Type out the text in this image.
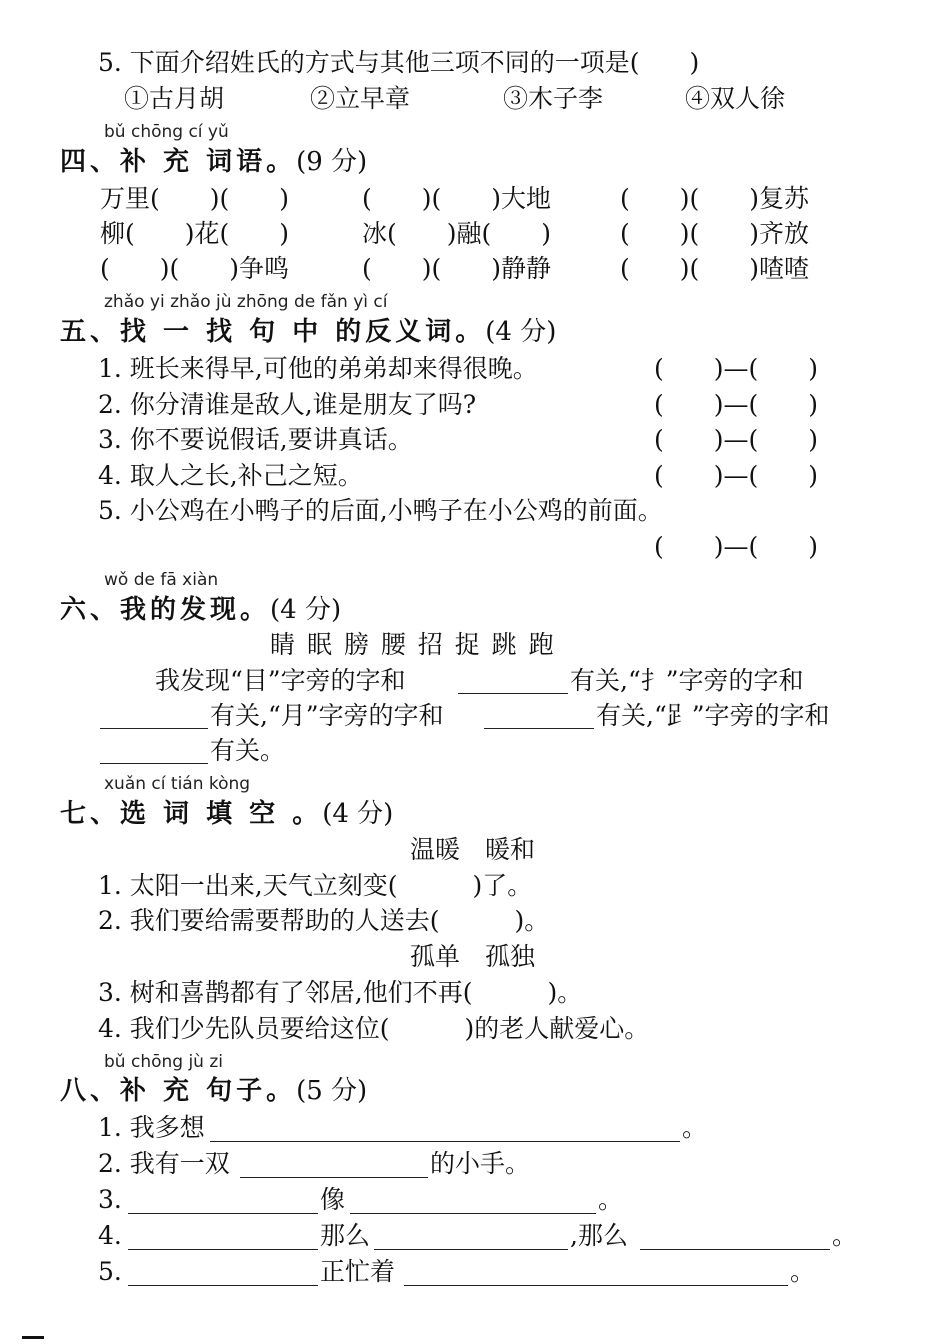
5. 下面介绍姓氏的方式与其他三项不同的一项是(　　)
①古月胡	②立早章	③木子李	④双人徐
bǔ chōng cí yǔ
四、补 充 词语。(9 分)
万里(　　)(　　)	(　　)(　　)大地	(　　)(　　)复苏
柳(　　)花(　　)	冰(　　)融(　　)	(　　)(　　)齐放
(　　)(　　)争鸣	(　　)(　　)静静	(　　)(　　)喳喳
zhǎo yi zhǎo jù zhōng de fǎn yì cí
五、找 一 找 句 中 的反义词。(4 分)
1. 班长来得早,可他的弟弟却来得很晚。	(　　)—(　　)
2. 你分清谁是敌人,谁是朋友了吗?	(　　)—(　　)
3. 你不要说假话,要讲真话。	(　　)—(　　)
4. 取人之长,补己之短。	(　　)—(　　)
5. 小公鸡在小鸭子的后面,小鸭子在小公鸡的前面。
(　　)—(　　)
wǒ de fā xiàn
六、我的发现。(4 分)
睛 眠 膀 腰 招 捉 跳 跑
我发现“目”字旁的字和	有关,“扌”字旁的字和
有关,“月”字旁的字和	有关,“𧾷”字旁的字和
有关。
xuǎn cí tián kòng
七、选 词 填 空 。(4 分)
温暖　暖和
1. 太阳一出来,天气立刻变(　　　)了。
2. 我们要给需要帮助的人送去(　　　)。
孤单　孤独
3. 树和喜鹊都有了邻居,他们不再(　　　)。
4. 我们少先队员要给这位(　　　)的老人献爱心。
bǔ chōng jù zi
八、补 充 句子。(5 分)
1. 我多想	。
2. 我有一双	的小手。
3.	像	。
4.	那么	,那么	。
5.	正忙着	。
